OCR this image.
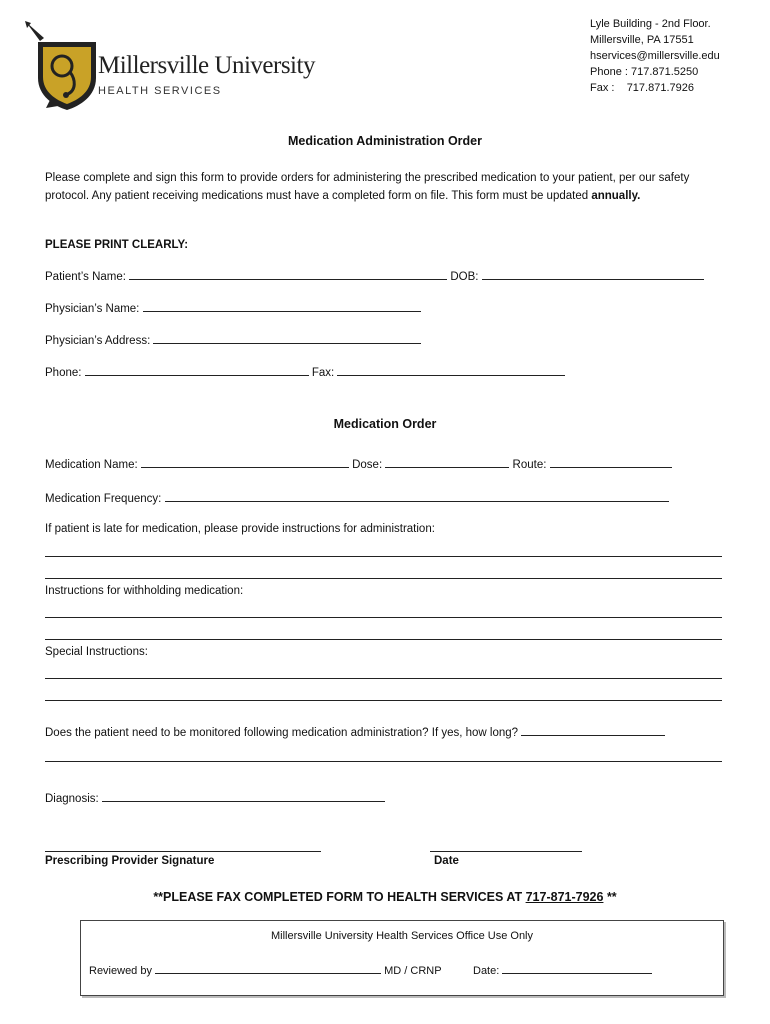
Millersville University
HEALTH SERVICES
Lyle Building - 2nd Floor.
Millersville, PA 17551
hservices@millersville.edu
Phone : 717.871.5250
Fax : 717.871.7926
Medication Administration Order
Please complete and sign this form to provide orders for administering the prescribed medication to your patient, per our safety protocol. Any patient receiving medications must have a completed form on file. This form must be updated annually.
PLEASE PRINT CLEARLY:
Patient’s Name:	DOB:
Physician’s Name:
Physician’s Address:
Phone:	Fax:
Medication Order
Medication Name:	Dose:	Route:
Medication Frequency:
If patient is late for medication, please provide instructions for administration:
Instructions for withholding medication:
Special Instructions:
Does the patient need to be monitored following medication administration? If yes, how long?
Diagnosis:
Prescribing Provider Signature	Date
**PLEASE FAX COMPLETED FORM TO HEALTH SERVICES AT 717-871-7926 **
Millersville University Health Services Office Use Only
Reviewed by	MD / CRNP	Date:
